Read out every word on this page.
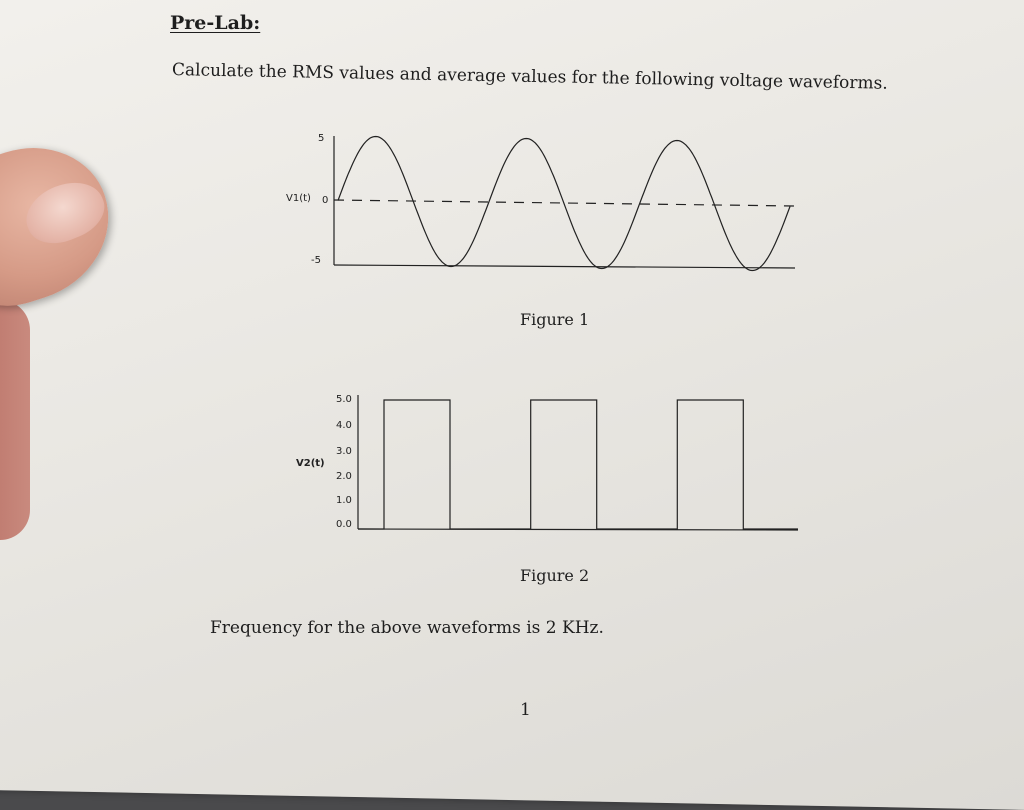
Pre-Lab:
Calculate the RMS values and average values for the following voltage waveforms.
5
0
-5
V1(t)
Figure 1
5.0
4.0
3.0
2.0
1.0
0.0
V2(t)
Figure 2
Frequency for the above waveforms is 2 KHz.
1
